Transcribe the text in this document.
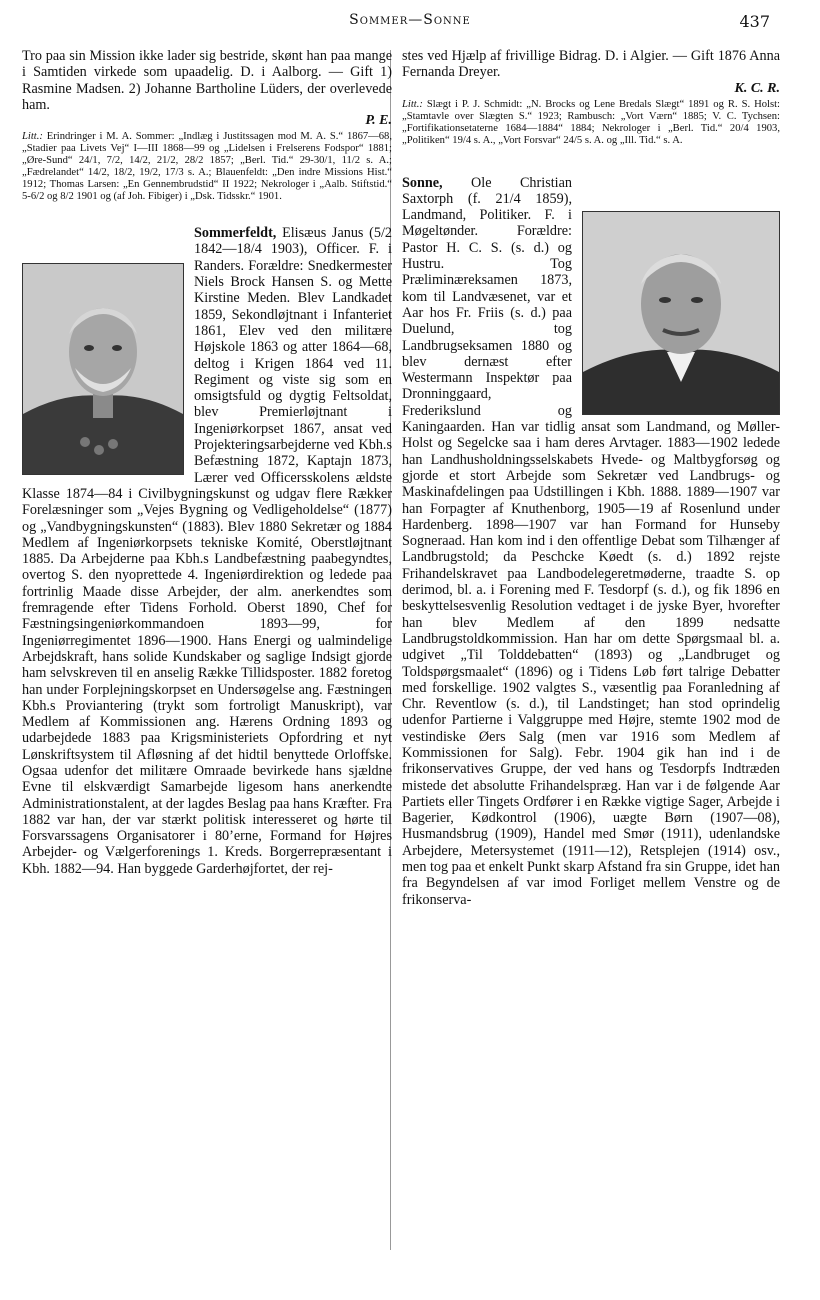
Sommer—Sonne	437

Tro paa sin Mission ikke lader sig bestride, skønt han paa mange i Samtiden virkede som upaadelig. D. i Aalborg. — Gift 1) Rasmine Madsen. 2) Johanne Bartholine Lüders, der overlevede ham.

P. E.

Litt.: Erindringer i M. A. Sommer: „Indlæg i Justitssagen mod M. A. S.“ 1867—68, „Stadier paa Livets Vej“ I—III 1868—99 og „Lidelsen i Frelserens Fodspor“ 1881; „Øre-Sund“ 24/1, 7/2, 14/2, 21/2, 28/2 1857; „Berl. Tid.“ 29-30/1, 11/2 s. A.; „Fædrelandet“ 14/2, 18/2, 19/2, 17/3 s. A.; Blauenfeldt: „Den indre Missions Hist.“ 1912; Thomas Larsen: „En Gennembrudstid“ II 1922; Nekrologer i „Aalb. Stiftstid.“ 5-6/2 og 8/2 1901 og (af Joh. Fibiger) i „Dsk. Tidsskr.“ 1901.

Sommerfeldt, Elisæus Janus (5/2 1842—18/4 1903), Officer. F. i Randers. Forældre: Snedkermester Niels Brock Hansen S. og Mette Kirstine Meden. Blev Landkadet 1859, Sekondløjtnant i Infanteriet 1861, Elev ved den militære Højskole 1863 og atter 1864—68, deltog i Krigen 1864 ved 11. Regiment og viste sig som en omsigtsfuld og dygtig Feltsoldat, blev Premierløjtnant i Ingeniørkorpset 1867, ansat ved Projekteringsarbejderne ved Kbh.s Befæstning 1872, Kaptajn 1873, Lærer ved Officersskolens ældste Klasse 1874—84 i Civilbygningskunst og udgav flere Rækker Forelæsninger som „Vejes Bygning og Vedligeholdelse“ (1877) og „Vandbygningskunsten“ (1883). Blev 1880 Sekretær og 1884 Medlem af Ingeniørkorpsets tekniske Komité, Oberstløjtnant 1885. Da Arbejderne paa Kbh.s Landbefæstning paabegyndtes, overtog S. den nyoprettede 4. Ingeniørdirektion og ledede paa fortrinlig Maade disse Arbejder, der alm. anerkendtes som fremragende efter Tidens Forhold. Oberst 1890, Chef for Fæstningsingeniørkommandoen 1893—99, for Ingeniørregimentet 1896—1900. Hans Energi og ualmindelige Arbejdskraft, hans solide Kundskaber og saglige Indsigt gjorde ham selvskreven til en anselig Række Tillidsposter. 1882 foretog han under Forplejningskorpset en Undersøgelse ang. Fæstningen Kbh.s Proviantering (trykt som fortroligt Manuskript), var Medlem af Kommissionen ang. Hærens Ordning 1893 og udarbejdede 1883 paa Krigsministeriets Opfordring et nyt Lønskriftsystem til Afløsning af det hidtil benyttede Orloffske. Ogsaa udenfor det militære Omraade bevirkede hans sjældne Evne til elskværdigt Samarbejde ligesom hans anerkendte Administrationstalent, at der lagdes Beslag paa hans Kræfter. Fra 1882 var han, der var stærkt politisk interesseret og hørte til Forsvarssagens Organisatorer i 80’erne, Formand for Højres Arbejder- og Vælgerforenings 1. Kreds. Borgerrepræsentant i Kbh. 1882—94. Han byggede Garderhøjfortet, der rej-

stes ved Hjælp af frivillige Bidrag. D. i Algier. — Gift 1876 Anna Fernanda Dreyer.

K. C. R.

Litt.: Slægt i P. J. Schmidt: „N. Brocks og Lene Bredals Slægt“ 1891 og R. S. Holst: „Stamtavle over Slægten S.“ 1923; Rambusch: „Vort Værn“ 1885; V. C. Tychsen: „Fortifikationsetaterne 1684—1884“ 1884; Nekrologer i „Berl. Tid.“ 20/4 1903, „Politiken“ 19/4 s. A., „Vort Forsvar“ 24/5 s. A. og „Ill. Tid.“ s. A.

Sonne, Ole Christian Saxtorph (f. 21/4 1859), Landmand, Politiker. F. i Møgeltønder. Forældre: Pastor H. C. S. (s. d.) og Hustru. Tog Præliminæreksamen 1873, kom til Landvæsenet, var et Aar hos Fr. Friis (s. d.) paa Duelund, tog Landbrugseksamen 1880 og blev dernæst efter Westermann Inspektør paa Dronninggaard, Frederikslund og Kaningaarden. Han var tidlig ansat som Landmand, og Møller-Holst og Segelcke saa i ham deres Arvtager. 1883—1902 ledede han Landhusholdningsselskabets Hvede- og Maltbygforsøg og gjorde et stort Arbejde som Sekretær ved Landbrugs- og Maskinafdelingen paa Udstillingen i Kbh. 1888. 1889—1907 var han Forpagter af Knuthenborg, 1905—19 af Rosenlund under Hardenberg. 1898—1907 var han Formand for Hunseby Sogneraad. Han kom ind i den offentlige Debat som Tilhænger af Landbrugstold; da Peschcke Køedt (s. d.) 1892 rejste Frihandelskravet paa Landbodelegeretmøderne, traadte S. op derimod, bl. a. i Forening med F. Tesdorpf (s. d.), og fik 1896 en beskyttelsesvenlig Resolution vedtaget i de jyske Byer, hvorefter han blev Medlem af den 1899 nedsatte Landbrugstoldkommission. Han har om dette Spørgsmaal bl. a. udgivet „Til Tolddebatten“ (1893) og „Landbruget og Toldspørgsmaalet“ (1896) og i Tidens Løb ført talrige Debatter med forskellige. 1902 valgtes S., væsentlig paa Foranledning af Chr. Reventlow (s. d.), til Landstinget; han stod oprindelig udenfor Partierne i Valggruppe med Højre, stemte 1902 mod de vestindiske Øers Salg (men var 1916 som Medlem af Kommissionen for Salg). Febr. 1904 gik han ind i de frikonservatives Gruppe, der ved hans og Tesdorpfs Indtræden mistede det absolutte Frihandelspræg. Han var i de følgende Aar Partiets eller Tingets Ordfører i en Række vigtige Sager, Arbejde i Bagerier, Kødkontrol (1906), uægte Børn (1907—08), Husmandsbrug (1909), Handel med Smør (1911), udenlandske Arbejdere, Metersystemet (1911—12), Retsplejen (1914) osv., men tog paa et enkelt Punkt skarp Afstand fra sin Gruppe, idet han fra Begyndelsen af var imod Forliget mellem Venstre og de frikonserva-
